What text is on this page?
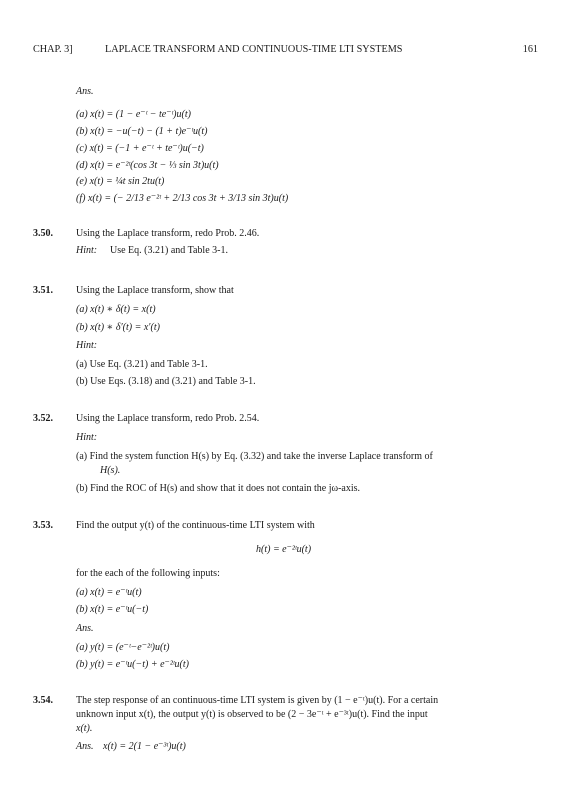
CHAP. 3]	LAPLACE TRANSFORM AND CONTINUOUS-TIME LTI SYSTEMS	161
Ans.
(a) x(t) = (1 − e⁻ᵗ − te⁻ᵗ)u(t)
(b) x(t) = −u(−t) − (1 + t)e⁻ᵗu(t)
(c) x(t) = (−1 + e⁻ᵗ + te⁻ᵗ)u(−t)
(d) x(t) = e⁻²ᵗ(cos 3t − ⅓ sin 3t)u(t)
(e) x(t) = ¼t sin 2tu(t)
(f) x(t) = (− 2/13 e⁻²ᵗ + 2/13 cos 3t + 3/13 sin 3t)u(t)
3.50. Using the Laplace transform, redo Prob. 2.46.
Hint: Use Eq. (3.21) and Table 3-1.
3.51. Using the Laplace transform, show that
(a) x(t) ∗ δ(t) = x(t)
(b) x(t) ∗ δ′(t) = x′(t)
Hint:
(a) Use Eq. (3.21) and Table 3-1.
(b) Use Eqs. (3.18) and (3.21) and Table 3-1.
3.52. Using the Laplace transform, redo Prob. 2.54.
Hint:
(a) Find the system function H(s) by Eq. (3.32) and take the inverse Laplace transform of
H(s).
(b) Find the ROC of H(s) and show that it does not contain the jω-axis.
3.53. Find the output y(t) of the continuous-time LTI system with
h(t) = e⁻²ᵗu(t)
for the each of the following inputs:
(a) x(t) = e⁻ᵗu(t)
(b) x(t) = e⁻ᵗu(−t)
Ans.
(a) y(t) = (e⁻ᵗ−e⁻²ᵗ)u(t)
(b) y(t) = e⁻ᵗu(−t) + e⁻²ᵗu(t)
3.54. The step response of an continuous-time LTI system is given by (1 − e⁻ᵗ)u(t). For a certain
unknown input x(t), the output y(t) is observed to be (2 − 3e⁻ᵗ + e⁻³ᵗ)u(t). Find the input
x(t).
Ans. x(t) = 2(1 − e⁻³ᵗ)u(t)
